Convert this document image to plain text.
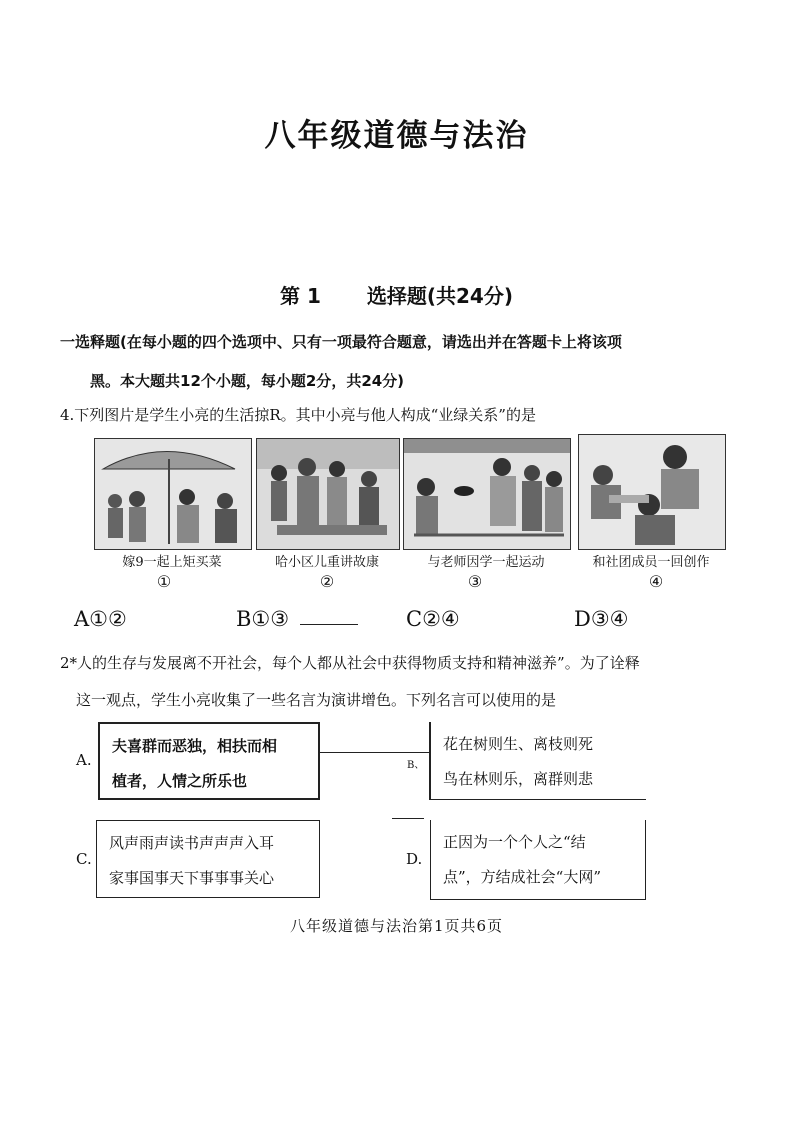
八年级道德与法治
第 1 选择题(共24分)
一选释题(在每小题的四个选项中、只有一项最符合题意，请选出并在答题卡上将该项
黑。本大题共12个小题，每小题2分，共24分)
4.下列图片是学生小亮的生活掠R。其中小亮与他人构成“业绿关系”的是
嫁9一起上矩买菜	哈小区儿重讲故康	与老师因学一起运动	和社团成员一回创作
①	②	③	④
A①②	B①③	C②④	D③④
2*人的生存与发展离不开社会，每个人都从社会中获得物质支持和精神滋养”。为了诠释
这一观点，学生小亮收集了一些名言为演讲增色。下列名言可以使用的是
A.
夫喜群而恶独，相扶而相
植者，人情之所乐也
B、
花在树则生、离枝则死
鸟在林则乐，离群则悲
C.
风声雨声读书声声声入耳
家事国事天下事事事关心
D.
正因为一个个人之“结
点”，方结成社会“大网”
八年级道德与法治第1页共6页
